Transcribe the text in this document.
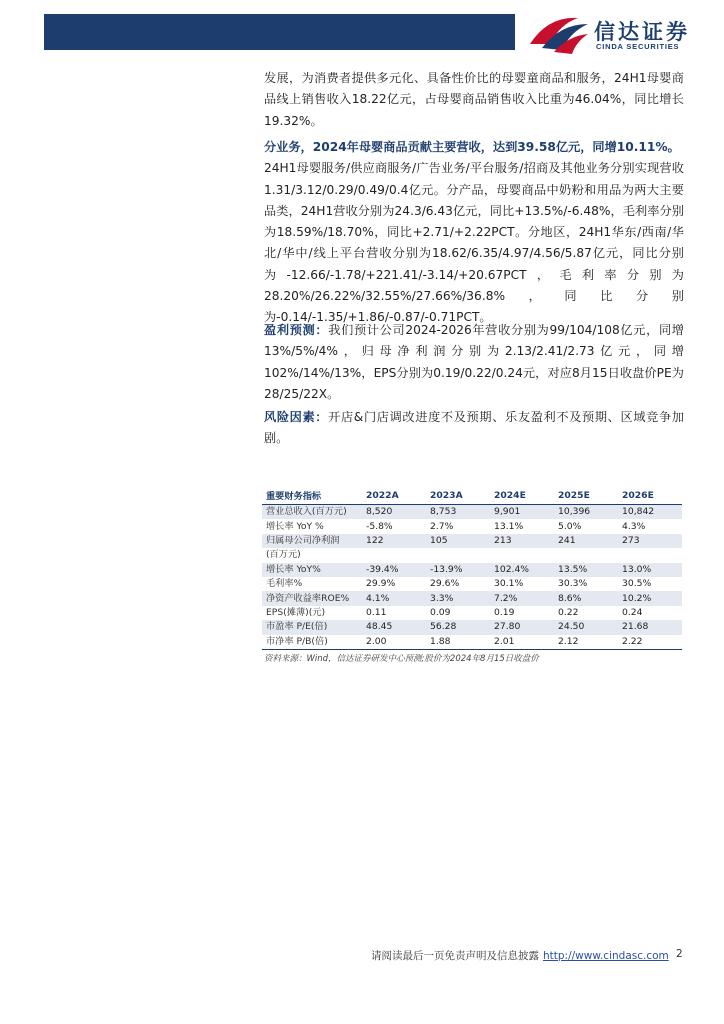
信达证券
CINDA SECURITIES

发展，为消费者提供多元化、具备性价比的母婴童商品和服务，24H1母婴商品线上销售收入18.22亿元，占母婴商品销售收入比重为46.04%，同比增长19.32%。

分业务，2024年母婴商品贡献主要营收，达到39.58亿元，同增10.11%。
24H1母婴服务/供应商服务/广告业务/平台服务/招商及其他业务分别实现营收1.31/3.12/0.29/0.49/0.4亿元。分产品，母婴商品中奶粉和用品为两大主要品类，24H1营收分别为24.3/6.43亿元，同比+13.5%/-6.48%，毛利率分别为18.59%/18.70%，同比+2.71/+2.22PCT。分地区，24H1华东/西南/华北/华中/线上平台营收分别为18.62/6.35/4.97/4.56/5.87亿元，同比分别为-12.66/-1.78/+221.41/-3.14/+20.67PCT，毛利率分别为28.20%/26.22%/32.55%/27.66%/36.8%，同比分别为-0.14/-1.35/+1.86/-0.87/-0.71PCT。

盈利预测：我们预计公司2024-2026年营收分别为99/104/108亿元，同增13%/5%/4%，归母净利润分别为2.13/2.41/2.73亿元，同增102%/14%/13%，EPS分别为0.19/0.22/0.24元，对应8月15日收盘价PE为28/25/22X。

风险因素：开店&门店调改进度不及预期、乐友盈利不及预期、区域竞争加剧。

重要财务指标	2022A	2023A	2024E	2025E	2026E
营业总收入(百万元)	8,520	8,753	9,901	10,396	10,842
增长率 YoY %	-5.8%	2.7%	13.1%	5.0%	4.3%
归属母公司净利润	122	105	213	241	273
(百万元)					
增长率 YoY%	-39.4%	-13.9%	102.4%	13.5%	13.0%
毛利率%	29.9%	29.6%	30.1%	30.3%	30.5%
净资产收益率ROE%	4.1%	3.3%	7.2%	8.6%	10.2%
EPS(摊薄)(元)	0.11	0.09	0.19	0.22	0.24
市盈率 P/E(倍)	48.45	56.28	27.80	24.50	21.68
市净率 P/B(倍)	2.00	1.88	2.01	2.12	2.22
资料来源：Wind，信达证券研发中心预测;股价为2024年8月15日收盘价
请阅读最后一页免责声明及信息披露 http://www.cindasc.com 2
